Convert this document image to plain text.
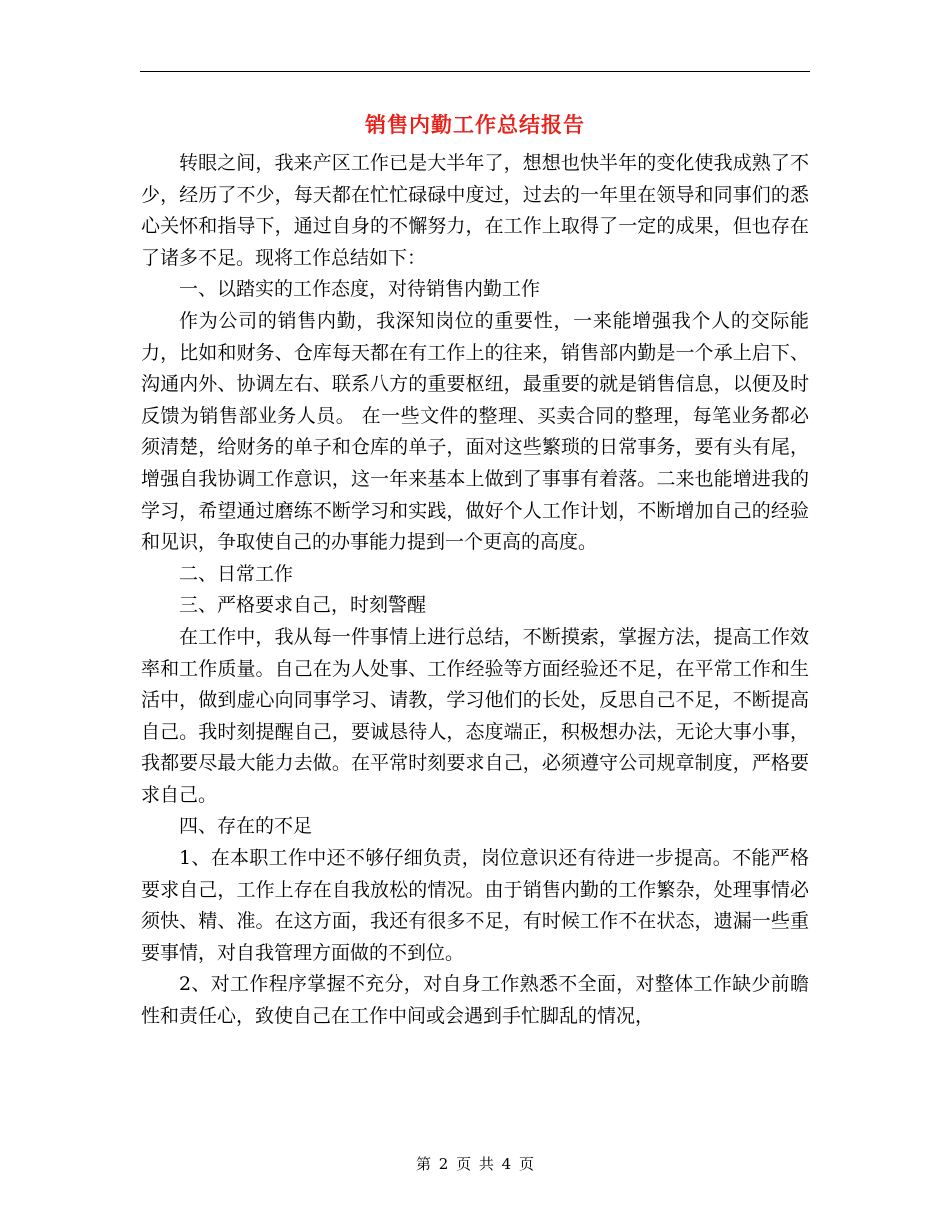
销售内勤工作总结报告

转眼之间，我来产区工作已是大半年了，想想也快半年的变化使我成熟了不少，经历了不少，每天都在忙忙碌碌中度过，过去的一年里在领导和同事们的悉心关怀和指导下，通过自身的不懈努力，在工作上取得了一定的成果，但也存在了诸多不足。现将工作总结如下：

一、以踏实的工作态度，对待销售内勤工作

作为公司的销售内勤，我深知岗位的重要性，一来能增强我个人的交际能力，比如和财务、仓库每天都在有工作上的往来，销售部内勤是一个承上启下、沟通内外、协调左右、联系八方的重要枢纽，最重要的就是销售信息，以便及时反馈为销售部业务人员。 在一些文件的整理、买卖合同的整理，每笔业务都必须清楚，给财务的单子和仓库的单子，面对这些繁琐的日常事务，要有头有尾，增强自我协调工作意识，这一年来基本上做到了事事有着落。二来也能增进我的学习，希望通过磨练不断学习和实践，做好个人工作计划，不断增加自己的经验和见识，争取使自己的办事能力提到一个更高的高度。

二、日常工作

三、严格要求自己，时刻警醒

在工作中，我从每一件事情上进行总结，不断摸索，掌握方法，提高工作效率和工作质量。自己在为人处事、工作经验等方面经验还不足，在平常工作和生活中，做到虚心向同事学习、请教，学习他们的长处，反思自己不足，不断提高自己。我时刻提醒自己，要诚恳待人，态度端正，积极想办法，无论大事小事，我都要尽最大能力去做。在平常时刻要求自己，必须遵守公司规章制度，严格要求自己。

四、存在的不足

1、在本职工作中还不够仔细负责，岗位意识还有待进一步提高。不能严格要求自己，工作上存在自我放松的情况。由于销售内勤的工作繁杂，处理事情必须快、精、准。在这方面，我还有很多不足，有时候工作不在状态，遗漏一些重要事情，对自我管理方面做的不到位。

2、对工作程序掌握不充分，对自身工作熟悉不全面，对整体工作缺少前瞻性和责任心，致使自己在工作中间或会遇到手忙脚乱的情况，

第 2 页 共 4 页
